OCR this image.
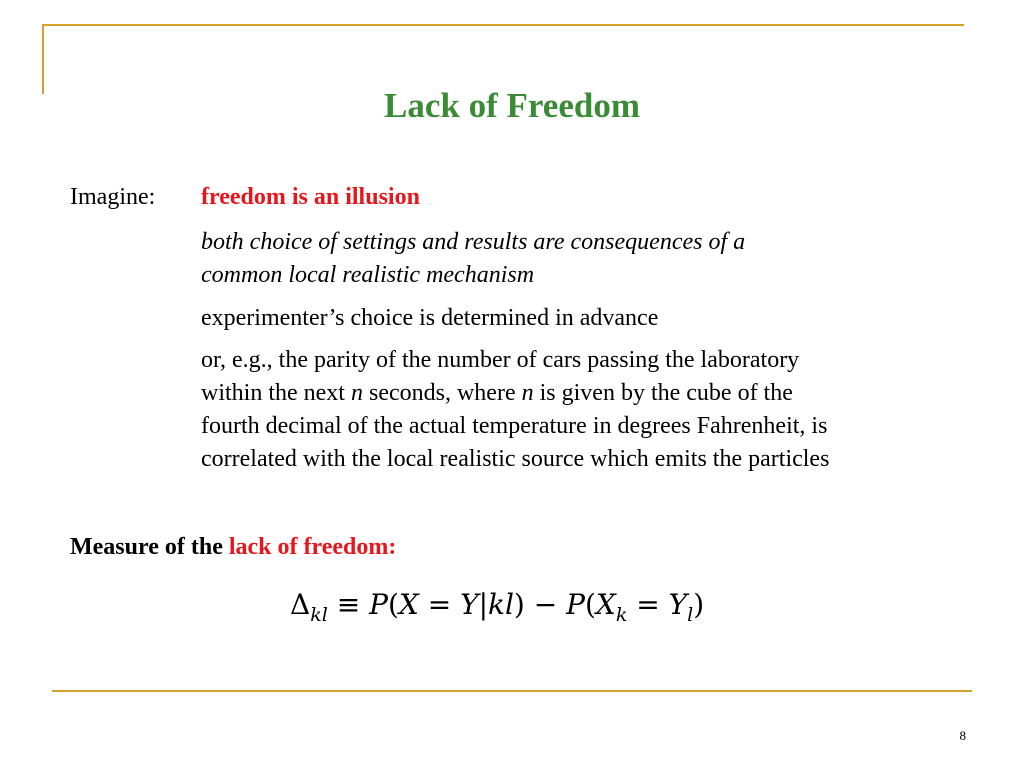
Lack of Freedom
Imagine: freedom is an illusion
both choice of settings and results are consequences of a
common local realistic mechanism
experimenter’s choice is determined in advance
or, e.g., the parity of the number of cars passing the laboratory
within the next n seconds, where n is given by the cube of the
fourth decimal of the actual temperature in degrees Fahrenheit, is
correlated with the local realistic source which emits the particles
Measure of the lack of freedom:
$\Delta_{kl} \equiv P(X = Y|kl) - P(X_k = Y_l)$
8
